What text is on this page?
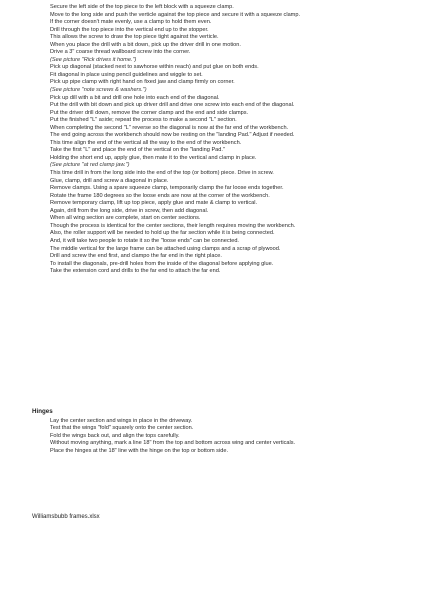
Secure the left side of the top piece to the left block with a squeeze clamp.
Move to the long side and push the verticle against the top piece and secure it with a squeeze clamp.
If the corner doesn't mate evenly, use a clamp to hold them even.
Drill through the top piece into the vertical end up to the stopper.
This allows the screw to draw the top piece tight against the verticle.
When you place the drill with a bit down, pick up the driver drill in one motion.
Drive a 3" coarse thread wallboard screw into the corner.
(See picture "Rick drives it home.")
Pick up diagonal (stacked next to sawhorse within reach) and put glue on both ends.
Fit diagonal in place using pencil guidelines and wiggle to set.
Pick up pipe clamp with right hand on fixed jaw and clamp firmly on corner.
(See picture "note screws & washers.")
Pick up dill with a bit and drill one hole into each end of the diagonal.
Put the drill with bit down and pick up driver drill and drive one screw into each end of the diagonal.
Put the driver drill down, remove the corner clamp and the end and side clamps.
Put the finished "L" aside; repeat the process to make a second "L" section.
When completing the second "L" reverse so the diagonal is now at the far end of the workbench.
The end going across the workbench should now be resting on the "landing Pad." Adjust if needed.
This time align the end of the vertical all the way to the end of the workbench.
Take the first "L" and place the end of the vertical on the "landing Pad."
Holding the short end up, apply glue, then mate it to the vertical and clamp in place.
(See picture "at red clamp jaw.")
This time drill in from the long side into the end of the top (or bottom) piece. Drive in screw.
Glue, clamp, drill and screw a diagonal in place.
Remove clamps. Using a spare squeeze clamp, temporarily clamp the far loose ends together.
Rotate the frame 180 degrees so the loose ends are now at the corner of the workbench.
Remove temporary clamp, lift up top piece, apply glue and mate & clamp to vertical.
Again, drill from the long side, drive in screw, then add diagonal.
When all wing section are complete, start on center sections.
Though the process is identical for the center sections, their length requires moving the workbench.
Also, the roller support will be needed to hold up the far section while it is being connected.
And, it will take two people to rotate it so the "loose ends" can be connected.
The middle vertical for the large frame can be attached using clamps and a scrap of plywood.
Drill and screw the end first, and clampo the far end in the right place.
To install the diagonals, pre-drill holes from the inside of the diagonal before applying glue.
Take the extension cord and drills to the far end to attach the far end.
Hinges
Lay the center section and wings in place in the driveway.
Test that the wings "fold" squarely onto the center section.
Fold the wings back out, and align the tops carefully.
Without moving anything, mark a line 18" from the top and bottom across wing and center verticals.
Place the hinges at the 18" line with the hinge on the top or bottom side.
Williamsbubb frames.xlsx
